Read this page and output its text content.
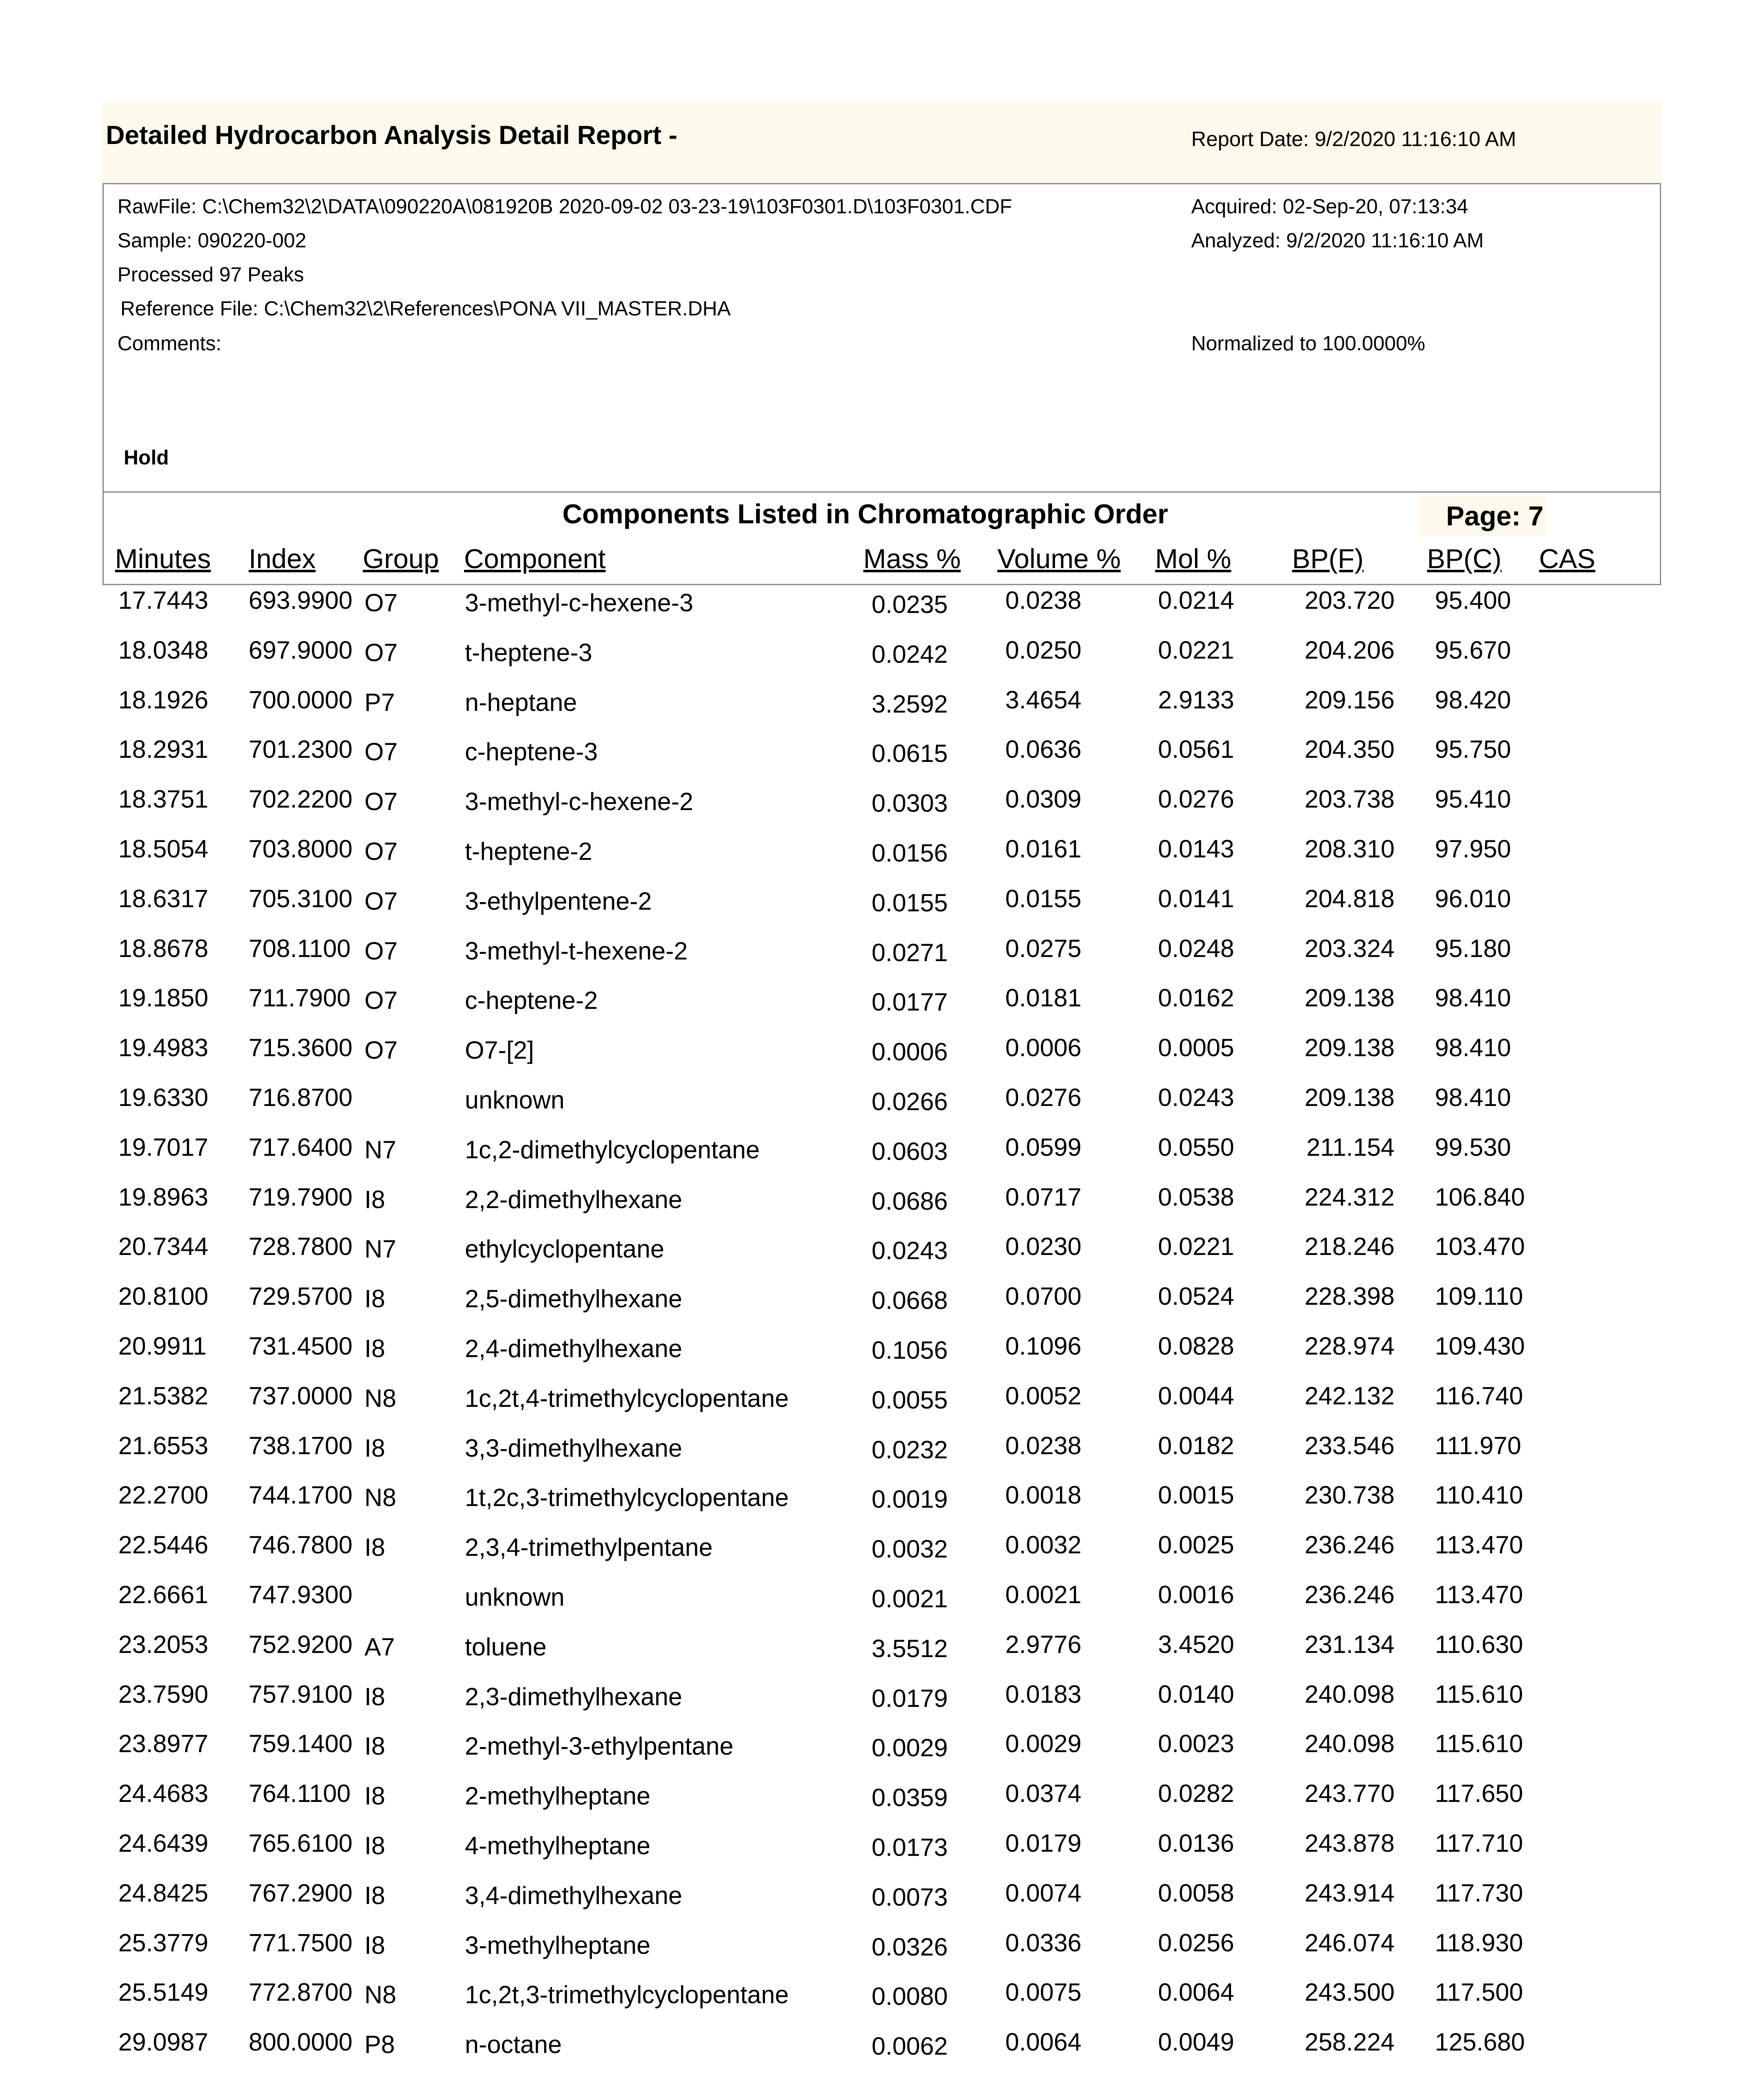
Detailed Hydrocarbon Analysis Detail Report -	Report Date: 9/2/2020 11:16:10 AM
RawFile: C:\Chem32\2\DATA\090220A\081920B 2020-09-02 03-23-19\103F0301.D\103F0301.CDF	Acquired: 02-Sep-20, 07:13:34
Sample: 090220-002	Analyzed: 9/2/2020 11:16:10 AM
Processed 97 Peaks
Reference File: C:\Chem32\2\References\PONA VII_MASTER.DHA
Comments:	Normalized to 100.0000%
Hold
Components Listed in Chromatographic Order	Page: 7
Minutes Index Group Component	Mass % Volume % Mol % BP(F) BP(C) CAS
17.7443 693.9900 O7	3-methyl-c-hexene-3	0.0235 0.0238	0.0214	203.720 95.400
18.0348 697.9000 O7	t-heptene-3	0.0242 0.0250	0.0221	204.206 95.670
18.1926 700.0000 P7	n-heptane	3.2592 3.4654	2.9133	209.156 98.420
18.2931 701.2300 O7	c-heptene-3	0.0615 0.0636	0.0561	204.350 95.750
18.3751 702.2200 O7	3-methyl-c-hexene-2	0.0303 0.0309	0.0276	203.738 95.410
18.5054 703.8000 O7	t-heptene-2	0.0156 0.0161	0.0143	208.310 97.950
18.6317 705.3100 O7	3-ethylpentene-2	0.0155 0.0155	0.0141	204.818 96.010
18.8678 708.1100 O7	3-methyl-t-hexene-2	0.0271 0.0275	0.0248	203.324 95.180
19.1850 711.7900 O7	c-heptene-2	0.0177 0.0181	0.0162	209.138 98.410
19.4983 715.3600 O7	O7-[2]	0.0006 0.0006	0.0005	209.138 98.410
19.6330 716.8700	unknown	0.0266 0.0276	0.0243	209.138 98.410
19.7017 717.6400 N7	1c,2-dimethylcyclopentane	0.0603 0.0599	0.0550	211.154 99.530
19.8963 719.7900 I8	2,2-dimethylhexane	0.0686 0.0717	0.0538	224.312 106.840
20.7344 728.7800 N7	ethylcyclopentane	0.0243 0.0230	0.0221	218.246 103.470
20.8100 729.5700 I8	2,5-dimethylhexane	0.0668 0.0700	0.0524	228.398 109.110
20.9911 731.4500 I8	2,4-dimethylhexane	0.1056 0.1096	0.0828	228.974 109.430
21.5382 737.0000 N8	1c,2t,4-trimethylcyclopentane	0.0055 0.0052	0.0044	242.132 116.740
21.6553 738.1700 I8	3,3-dimethylhexane	0.0232 0.0238	0.0182	233.546 111.970
22.2700 744.1700 N8	1t,2c,3-trimethylcyclopentane	0.0019 0.0018	0.0015	230.738 110.410
22.5446 746.7800 I8	2,3,4-trimethylpentane	0.0032 0.0032	0.0025	236.246 113.470
22.6661 747.9300	unknown	0.0021 0.0021	0.0016	236.246 113.470
23.2053 752.9200 A7	toluene	3.5512 2.9776	3.4520	231.134 110.630
23.7590 757.9100 I8	2,3-dimethylhexane	0.0179 0.0183	0.0140	240.098 115.610
23.8977 759.1400 I8	2-methyl-3-ethylpentane	0.0029 0.0029	0.0023	240.098 115.610
24.4683 764.1100 I8	2-methylheptane	0.0359 0.0374	0.0282	243.770 117.650
24.6439 765.6100 I8	4-methylheptane	0.0173 0.0179	0.0136	243.878 117.710
24.8425 767.2900 I8	3,4-dimethylhexane	0.0073 0.0074	0.0058	243.914 117.730
25.3779 771.7500 I8	3-methylheptane	0.0326 0.0336	0.0256	246.074 118.930
25.5149 772.8700 N8	1c,2t,3-trimethylcyclopentane	0.0080 0.0075	0.0064	243.500 117.500
29.0987 800.0000 P8	n-octane	0.0062 0.0064	0.0049	258.224 125.680
